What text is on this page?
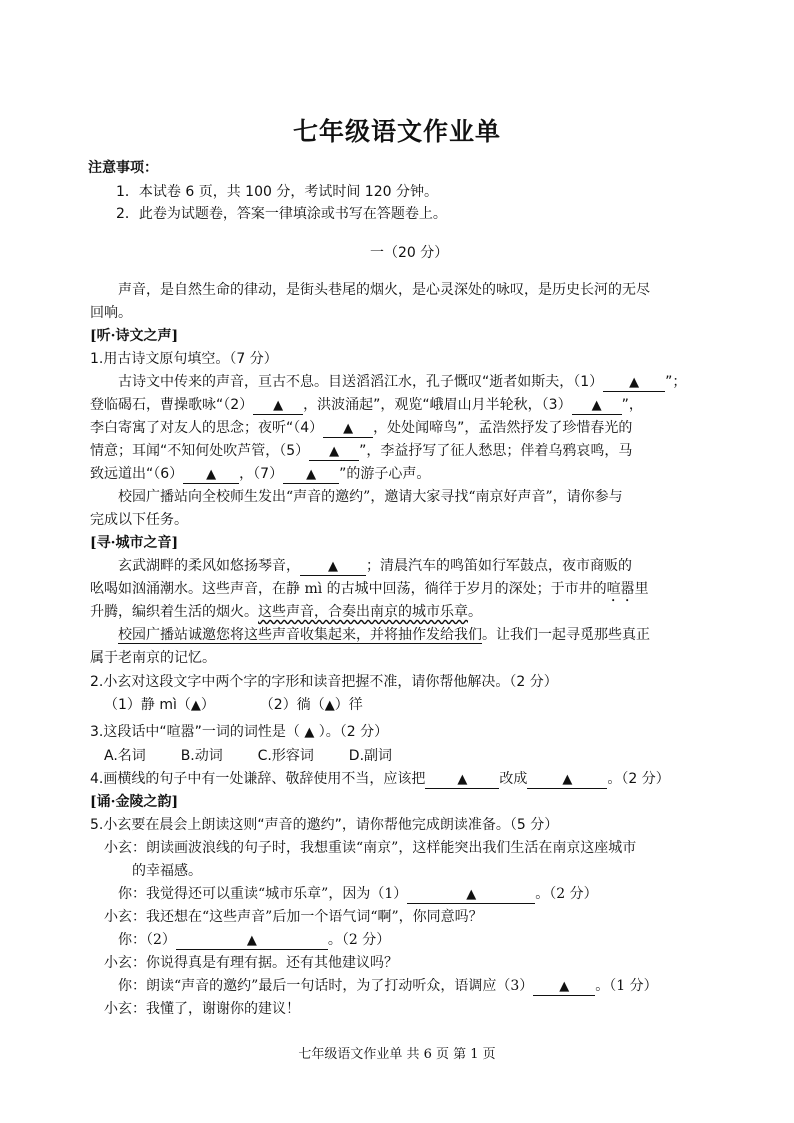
七年级语文作业单
注意事项：
1．本试卷 6 页，共 100 分，考试时间 120 分钟。
2．此卷为试题卷，答案一律填涂或书写在答题卷上。
一（20 分）
声音，是自然生命的律动，是街头巷尾的烟火，是心灵深处的咏叹，是历史长河的无尽
回响。
[听·诗文之声]
1.用古诗文原句填空。（7 分）
古诗文中传来的声音，亘古不息。目送滔滔江水，孔子慨叹“逝者如斯夫，（1） ▲ ”；
登临碣石，曹操歌咏“（2） ▲ ，洪波涌起”，观览“峨眉山月半轮秋，（3） ▲ ”，
李白寄寓了对友人的思念；夜听“（4） ▲ ，处处闻啼鸟”，孟浩然抒发了珍惜春光的
情意；耳闻“不知何处吹芦管，（5） ▲ ”，李益抒写了征人愁思；伴着乌鸦哀鸣，马
致远道出“（6） ▲ ，（7） ▲ ”的游子心声。
校园广播站向全校师生发出“声音的邀约”，邀请大家寻找“南京好声音”，请你参与
完成以下任务。
[寻·城市之音]
玄武湖畔的柔风如悠扬琴音， ▲ ；清晨汽车的鸣笛如行军鼓点，夜市商贩的
吆喝如汹涌潮水。这些声音，在静 mì 的古城中回荡，徜徉于岁月的深处；于市井的喧嚣里
升腾，编织着生活的烟火。这些声音，合奏出南京的城市乐章。
校园广播站诚邀您将这些声音收集起来，并将抽作发给我们。让我们一起寻觅那些真正
属于老南京的记忆。
2.小玄对这段文字中两个字的字形和读音把握不准，请你帮他解决。（2 分）
（1）静 mì（▲）	（2）徜（▲）徉
3.这段话中“喧嚣”一词的词性是（ ▲ ）。（2 分）
A.名词 B.动词 C.形容词 D.副词
4.画横线的句子中有一处谦辞、敬辞使用不当，应该把 ▲ 改成	▲	。（2 分）
[诵·金陵之韵]
5.小玄要在晨会上朗读这则“声音的邀约”，请你帮他完成朗读准备。（5 分）
小玄：朗读画波浪线的句子时，我想重读“南京”，这样能突出我们生活在南京这座城市
的幸福感。
你：我觉得还可以重读“城市乐章”，因为（1）	▲	。（2 分）
小玄：我还想在“这些声音”后加一个语气词“啊”，你同意吗？
你：（2）	▲	。（2 分）
小玄：你说得真是有理有据。还有其他建议吗？
你：朗读“声音的邀约”最后一句话时，为了打动听众，语调应（3） ▲ 。（1 分）
小玄：我懂了，谢谢你的建议！
七年级语文作业单 共 6 页 第 1 页
